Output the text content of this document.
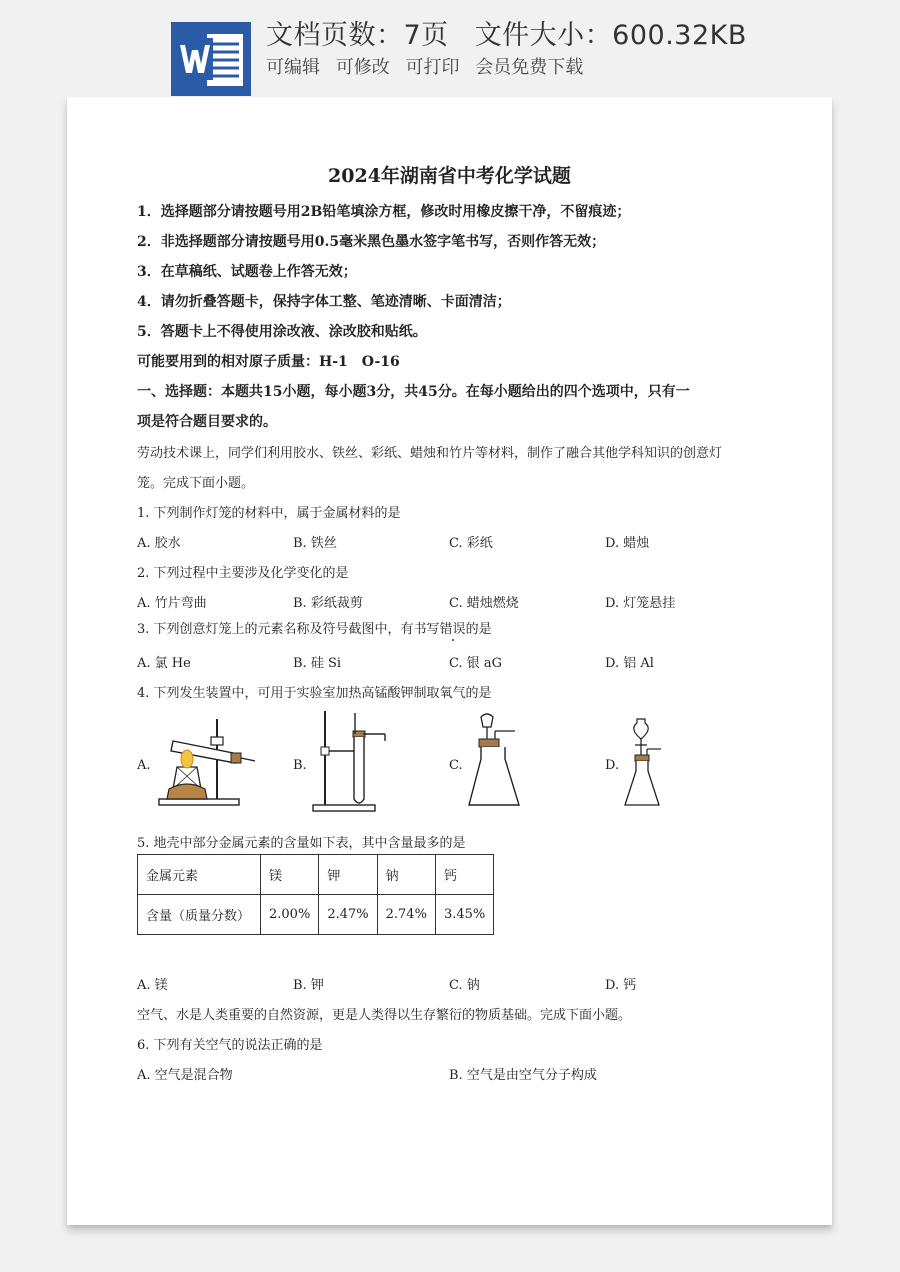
文档页数：7页 文件大小：600.32KB
可编辑 可修改 可打印 会员免费下载
2024年湖南省中考化学试题
1．选择题部分请按题号用2B铅笔填涂方框，修改时用橡皮擦干净，不留痕迹；
2．非选择题部分请按题号用0.5毫米黑色墨水签字笔书写，否则作答无效；
3．在草稿纸、试题卷上作答无效；
4．请勿折叠答题卡，保持字体工整、笔迹清晰、卡面清洁；
5．答题卡上不得使用涂改液、涂改胶和贴纸。
可能要用到的相对原子质量：H-1　O-16
一、选择题：本题共15小题，每小题3分，共45分。在每小题给出的四个选项中，只有一
项是符合题目要求的。
劳动技术课上，同学们利用胶水、铁丝、彩纸、蜡烛和竹片等材料，制作了融合其他学科知识的创意灯
笼。完成下面小题。
1. 下列制作灯笼的材料中，属于金属材料的是
A. 胶水	B. 铁丝	C. 彩纸	D. 蜡烛
2. 下列过程中主要涉及化学变化的是
A. 竹片弯曲	B. 彩纸裁剪	C. 蜡烛燃烧	D. 灯笼悬挂
3. 下列创意灯笼上的元素名称及符号截图中，有书写错误的是
A. 氯 He	B. 硅 Si	C. 银 aG	D. 铝 Al
4. 下列发生装置中，可用于实验室加热高锰酸钾制取氧气的是
A.	B.	C.	D.
5. 地壳中部分金属元素的含量如下表，其中含量最多的是
金属元素	镁	钾	钠	钙
含量（质量分数）	2.00%	2.47%	2.74%	3.45%
A. 镁	B. 钾	C. 钠	D. 钙
空气、水是人类重要的自然资源，更是人类得以生存繁衍的物质基础。完成下面小题。
6. 下列有关空气的说法正确的是
A. 空气是混合物	B. 空气是由空气分子构成
